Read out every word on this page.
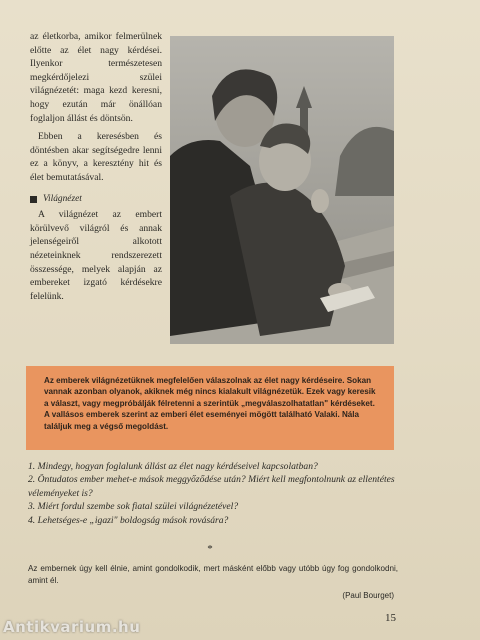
az életkorba, amikor felmerülnek előtte az élet nagy kérdései. Ilyenkor természetesen megkérdőjelezi szülei világnézetét: maga kezd keresni, hogy ezután már önállóan foglaljon állást és döntsön.

Ebben a keresésben és döntésben akar segítségedre lenni ez a könyv, a keresztény hit és élet bemutatásával.

Világnézet

A világnézet az embert körülvevő világról és annak jelenségeiről alkotott nézeteinknek rendszerezett összessége, melyek alapján az embereket izgató kérdésekre felelünk.

Az emberek világnézetüknek megfelelően válaszolnak az élet nagy kérdéseire. Sokan vannak azonban olyanok, akiknek még nincs kialakult világnézetük. Ezek vagy keresik a választ, vagy megpróbálják félretenni a szerintük „megválaszolhatatlan" kérdéseket.

A vallásos emberek szerint az emberi élet eseményei mögött található Valaki. Nála találjuk meg a végső megoldást.

1. Mindegy, hogyan foglalunk állást az élet nagy kérdéseivel kapcsolatban?
2. Öntudatos ember mehet-e mások meggyőződése után? Miért kell megfontolnunk az ellentétes véleményeket is?
3. Miért fordul szembe sok fiatal szülei világnézetével?
4. Lehetséges-e „igazi" boldogság mások rovására?
*
Az embernek úgy kell élnie, amint gondolkodik, mert másként előbb vagy utóbb úgy fog gondolkodni, amint él.
(Paul Bourget)
15
Antikvarium.hu
